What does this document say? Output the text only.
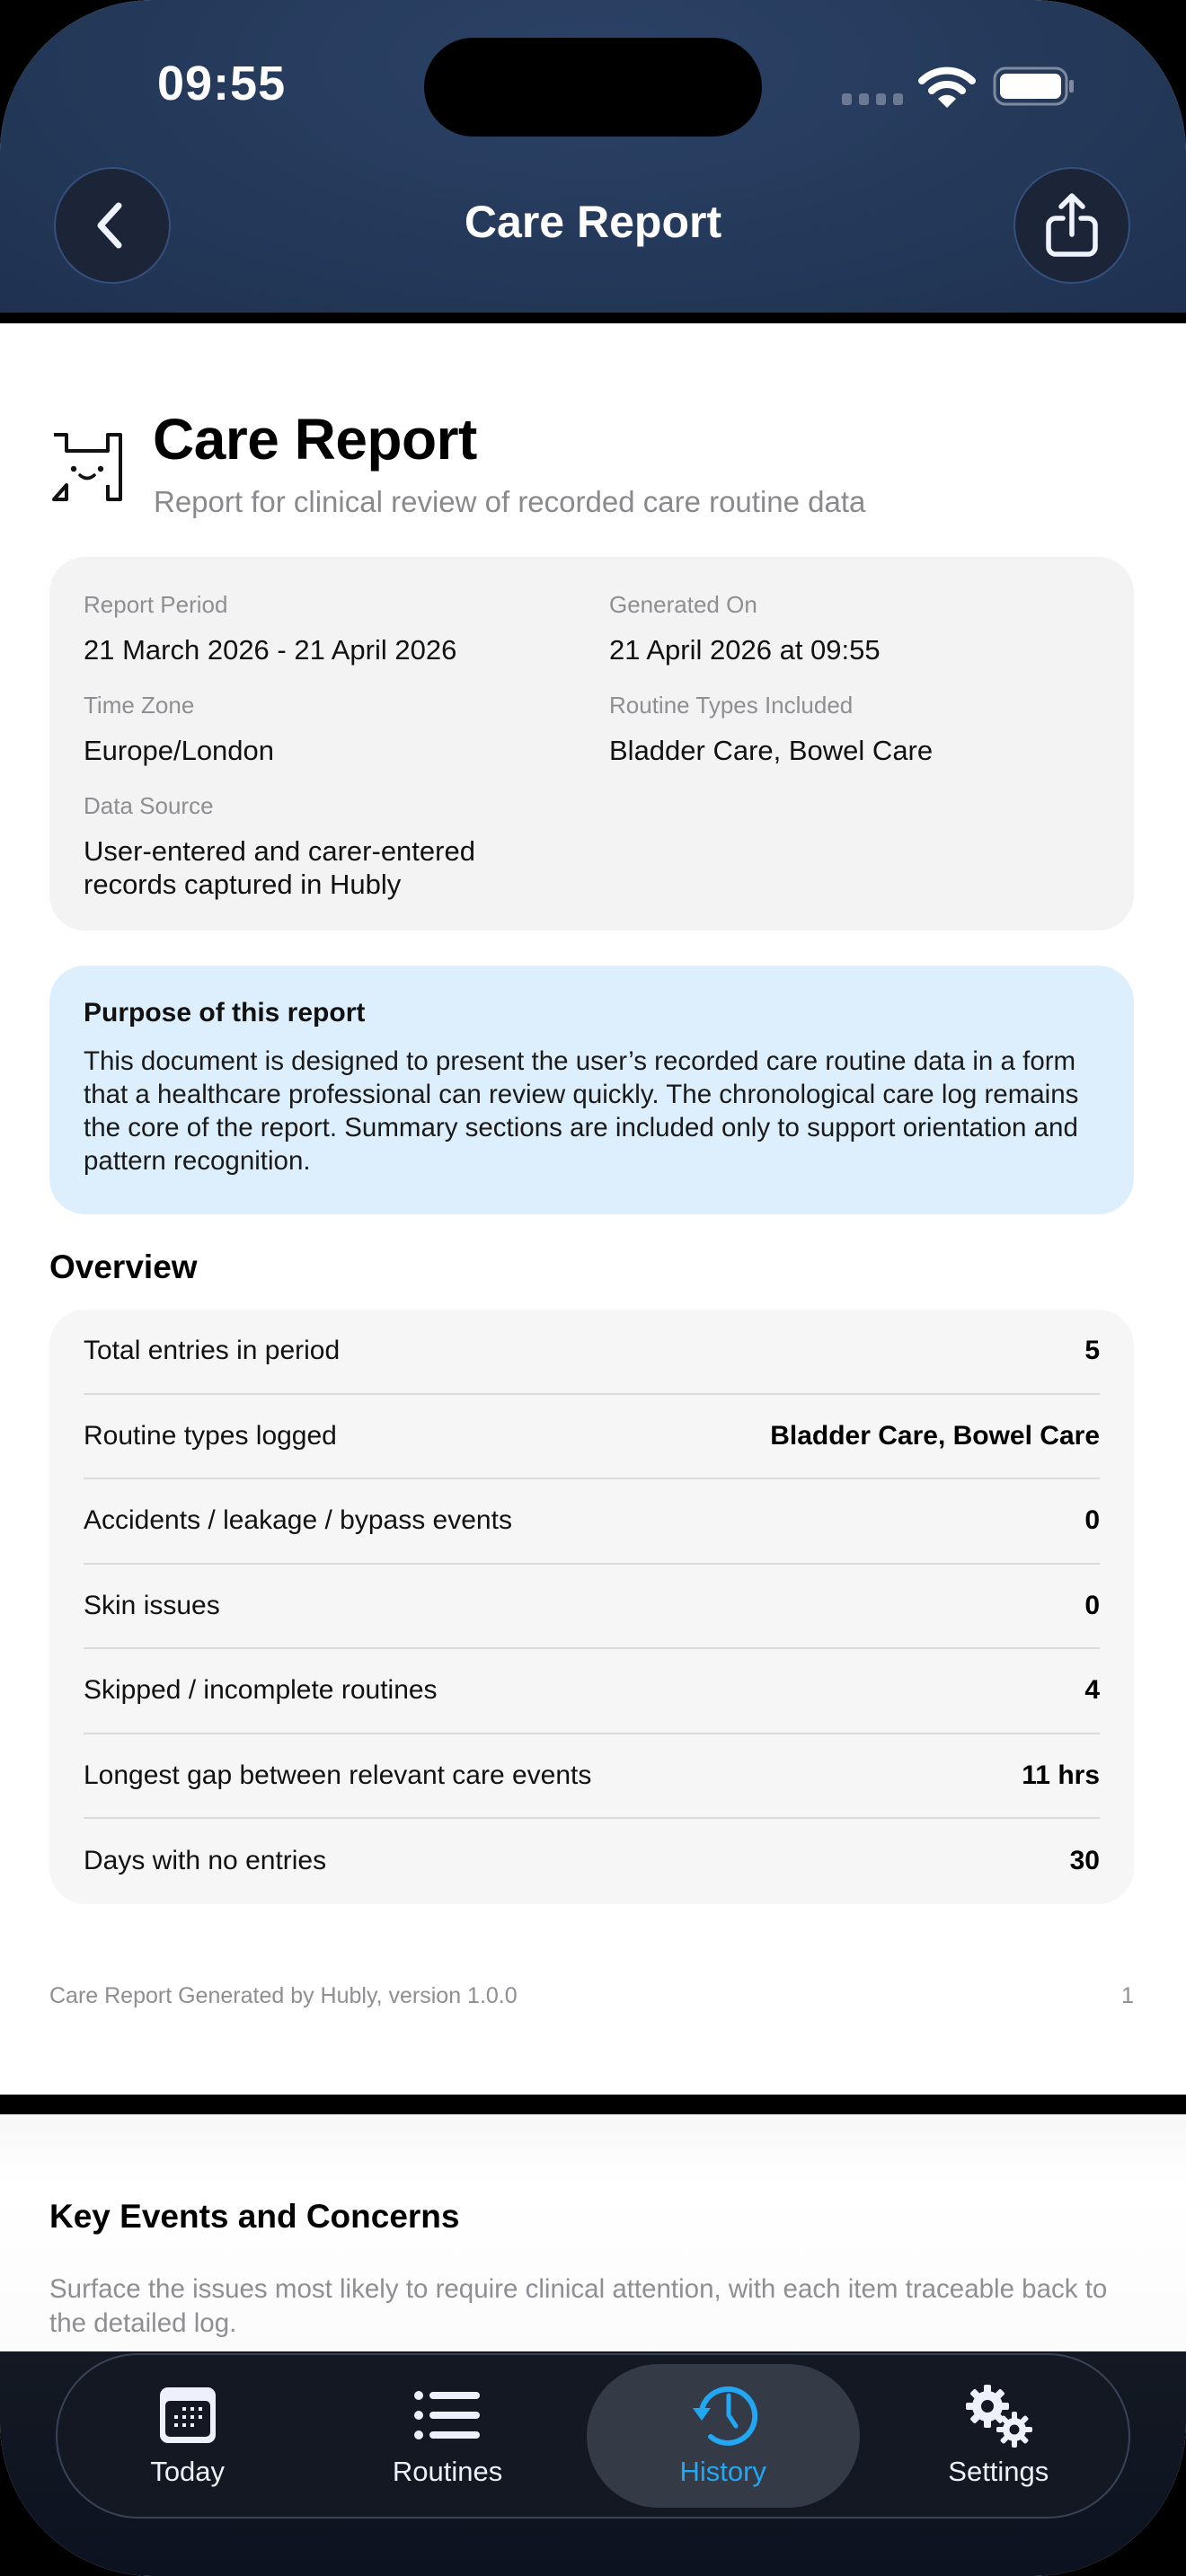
09:55
Care Report
Care Report
Report for clinical review of recorded care routine data
Report Period
21 March 2026 - 21 April 2026
Generated On
21 April 2026 at 09:55
Time Zone
Europe/London
Routine Types Included
Bladder Care, Bowel Care
Data Source
User-entered and carer-entered records captured in Hubly
Purpose of this report
This document is designed to present the user’s recorded care routine data in a form that a healthcare professional can review quickly. The chronological care log remains the core of the report. Summary sections are included only to support orientation and pattern recognition.
Overview
Total entries in period	5
Routine types logged	Bladder Care, Bowel Care
Accidents / leakage / bypass events	0
Skin issues	0
Skipped / incomplete routines	4
Longest gap between relevant care events	11 hrs
Days with no entries	30
Care Report Generated by Hubly, version 1.0.0	1
Key Events and Concerns
Surface the issues most likely to require clinical attention, with each item traceable back to the detailed log.
Today	Routines	History	Settings
